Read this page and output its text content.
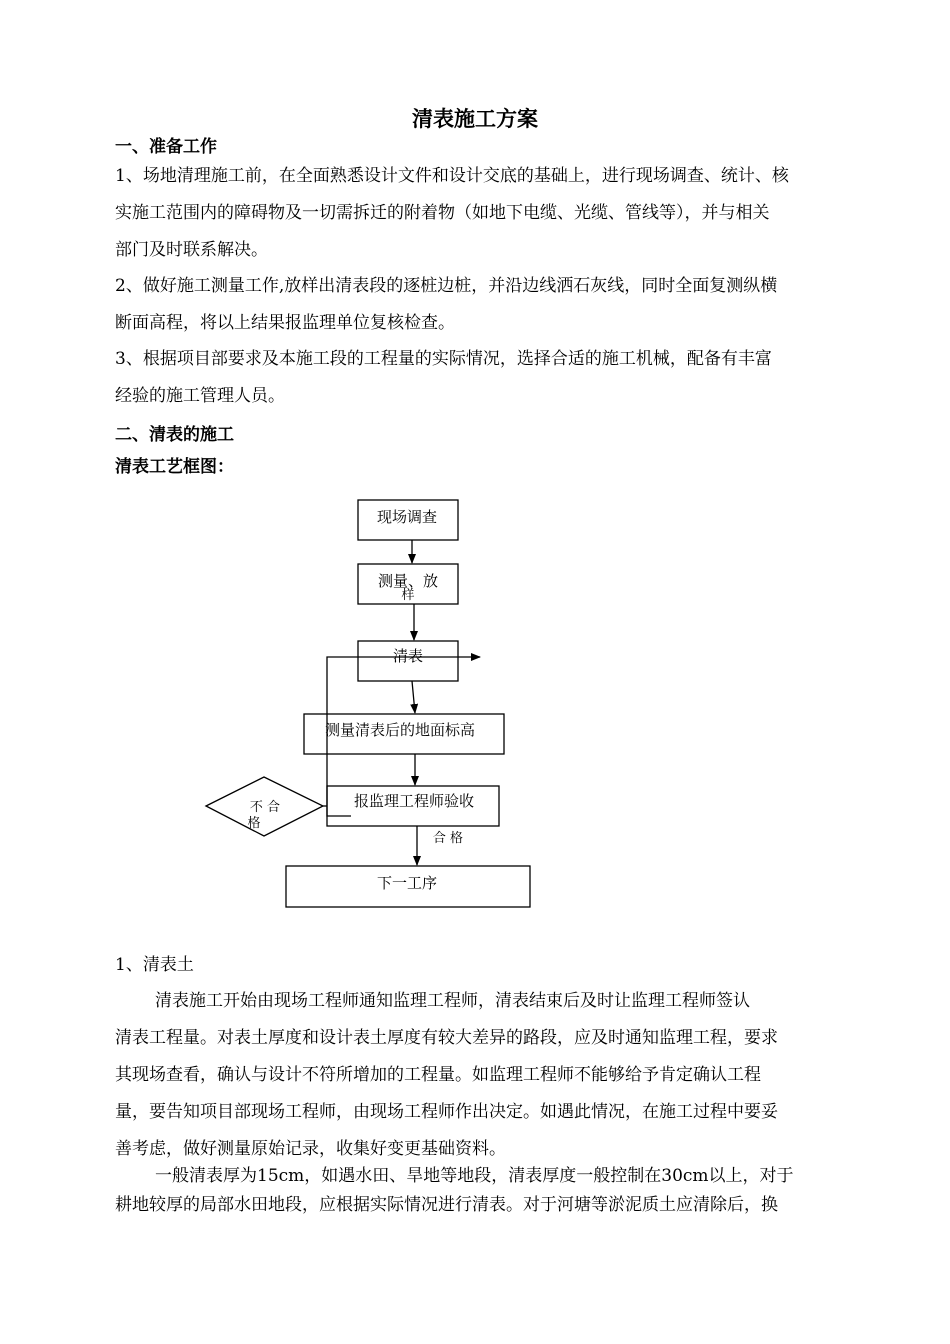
清表施工方案
一、准备工作
1、场地清理施工前，在全面熟悉设计文件和设计交底的基础上，进行现场调查、统计、核
实施工范围内的障碍物及一切需拆迁的附着物（如地下电缆、光缆、管线等），并与相关
部门及时联系解决。
2、做好施工测量工作,放样出清表段的逐桩边桩，并沿边线洒石灰线，同时全面复测纵横
断面高程，将以上结果报监理单位复核检查。
3、根据项目部要求及本施工段的工程量的实际情况，选择合适的施工机械，配备有丰富
经验的施工管理人员。
二、清表的施工
清表工艺框图：
现场调查
测量、放
样
清表
测量清表后的地面标高
报监理工程师验收
不 合
格
合 格
下一工序
1、清表土
清表施工开始由现场工程师通知监理工程师，清表结束后及时让监理工程师签认
清表工程量。对表土厚度和设计表土厚度有较大差异的路段，应及时通知监理工程，要求
其现场查看，确认与设计不符所增加的工程量。如监理工程师不能够给予肯定确认工程
量，要告知项目部现场工程师，由现场工程师作出决定。如遇此情况，在施工过程中要妥
善考虑，做好测量原始记录，收集好变更基础资料。
一般清表厚为15cm，如遇水田、旱地等地段，清表厚度一般控制在30cm以上，对于
耕地较厚的局部水田地段，应根据实际情况进行清表。对于河塘等淤泥质土应清除后，换
